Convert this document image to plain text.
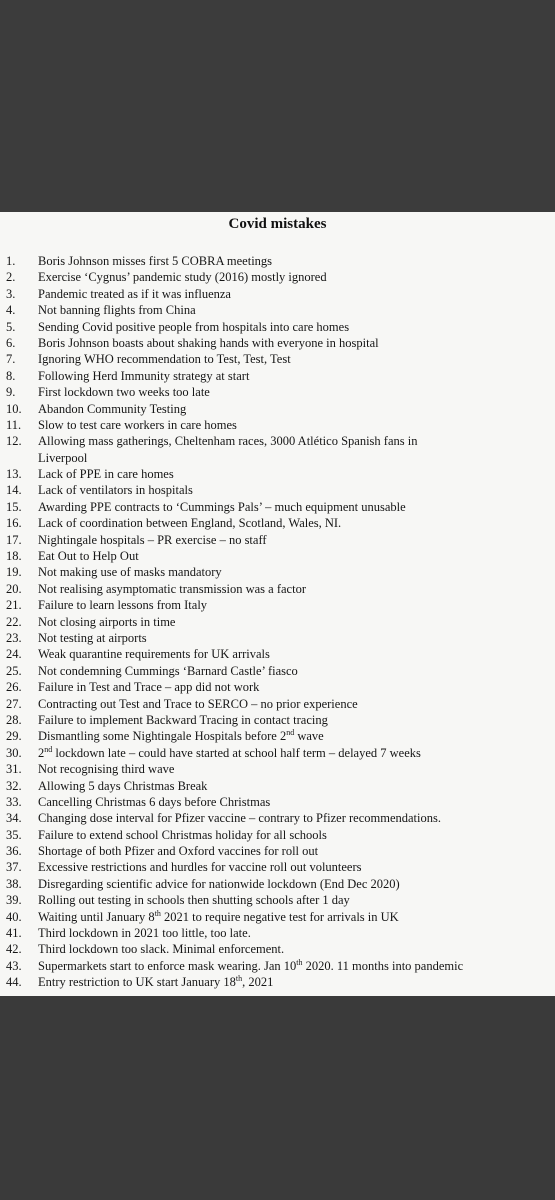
Covid mistakes
1.	Boris Johnson misses first 5 COBRA meetings
2.	Exercise ‘Cygnus’ pandemic study (2016) mostly ignored
3.	Pandemic treated as if it was influenza
4.	Not banning flights from China
5.	Sending Covid positive people from hospitals into care homes
6.	Boris Johnson boasts about shaking hands with everyone in hospital
7.	Ignoring WHO recommendation to Test, Test, Test
8.	Following Herd Immunity strategy at start
9.	First lockdown two weeks too late
10.	Abandon Community Testing
11.	Slow to test care workers in care homes
12.	Allowing mass gatherings, Cheltenham races, 3000 Atlético Spanish fans in
Liverpool
13.	Lack of PPE in care homes
14.	Lack of ventilators in hospitals
15.	Awarding PPE contracts to ‘Cummings Pals’ – much equipment unusable
16.	Lack of coordination between England, Scotland, Wales, NI.
17.	Nightingale hospitals – PR exercise – no staff
18.	Eat Out to Help Out
19.	Not making use of masks mandatory
20.	Not realising asymptomatic transmission was a factor
21.	Failure to learn lessons from Italy
22.	Not closing airports in time
23.	Not testing at airports
24.	Weak quarantine requirements for UK arrivals
25.	Not condemning Cummings ‘Barnard Castle’ fiasco
26.	Failure in Test and Trace – app did not work
27.	Contracting out Test and Trace to SERCO – no prior experience
28.	Failure to implement Backward Tracing in contact tracing
29.	Dismantling some Nightingale Hospitals before 2nd wave
30.	2nd lockdown late – could have started at school half term – delayed 7 weeks
31.	Not recognising third wave
32.	Allowing 5 days Christmas Break
33.	Cancelling Christmas 6 days before Christmas
34.	Changing dose interval for Pfizer vaccine – contrary to Pfizer recommendations.
35.	Failure to extend school Christmas holiday for all schools
36.	Shortage of both Pfizer and Oxford vaccines for roll out
37.	Excessive restrictions and hurdles for vaccine roll out volunteers
38.	Disregarding scientific advice for nationwide lockdown (End Dec 2020)
39.	Rolling out testing in schools then shutting schools after 1 day
40.	Waiting until January 8th 2021 to require negative test for arrivals in UK
41.	Third lockdown in 2021 too little, too late.
42.	Third lockdown too slack. Minimal enforcement.
43.	Supermarkets start to enforce mask wearing. Jan 10th 2020. 11 months into pandemic
44.	Entry restriction to UK start January 18th, 2021
